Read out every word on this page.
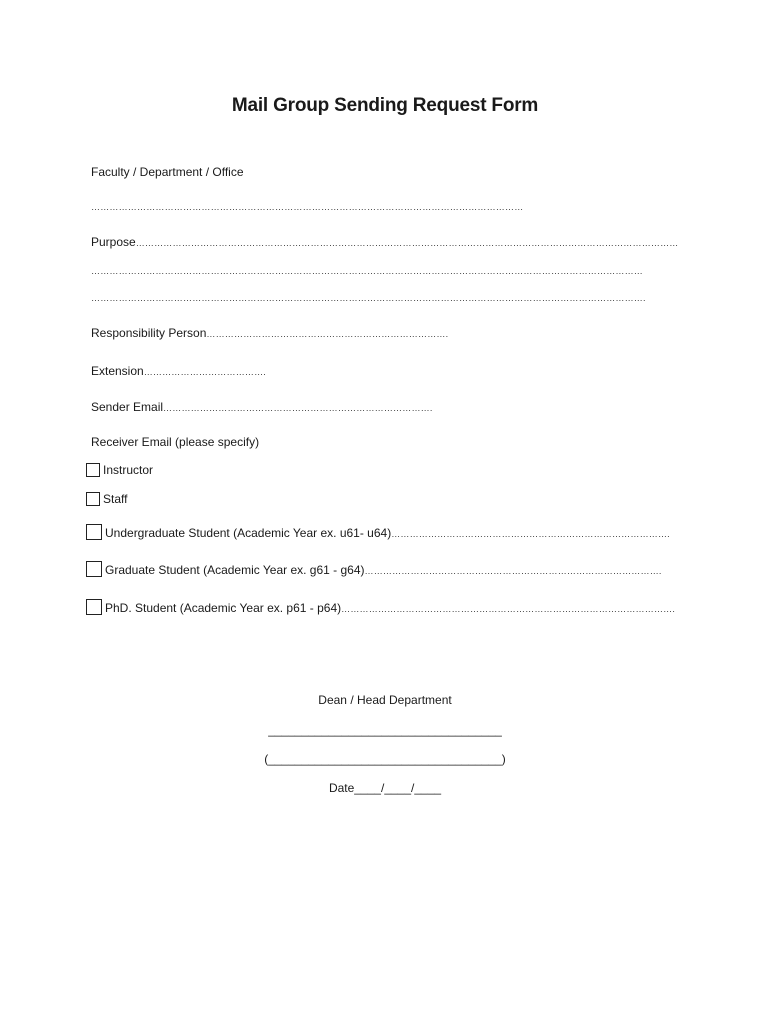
Mail Group Sending Request Form
Faculty / Department / Office
……………………………………………………………………………………………………………………………
Purpose……………………………………………………………………………………………………………………………………………………………
………………………………………………………………………………………………………………………………………………………………
……………………………………………………………………………………………………………………………………………………………….
Responsibility Person…………………………………………………………………….
Extension………………………………….
Sender Email…………………………………………………………………………….
Receiver Email (please specify)
Instructor
Staff
Undergraduate Student (Academic Year ex. u61- u64)……………………………………………………………………………….
Graduate Student (Academic Year ex. g61 - g64)…………………………………………………………………………………….
PhD. Student (Academic Year ex. p61 - p64)……………………………………………………………………………………………….
Dean / Head Department
___________________________________
(___________________________________)
Date____/____/____
